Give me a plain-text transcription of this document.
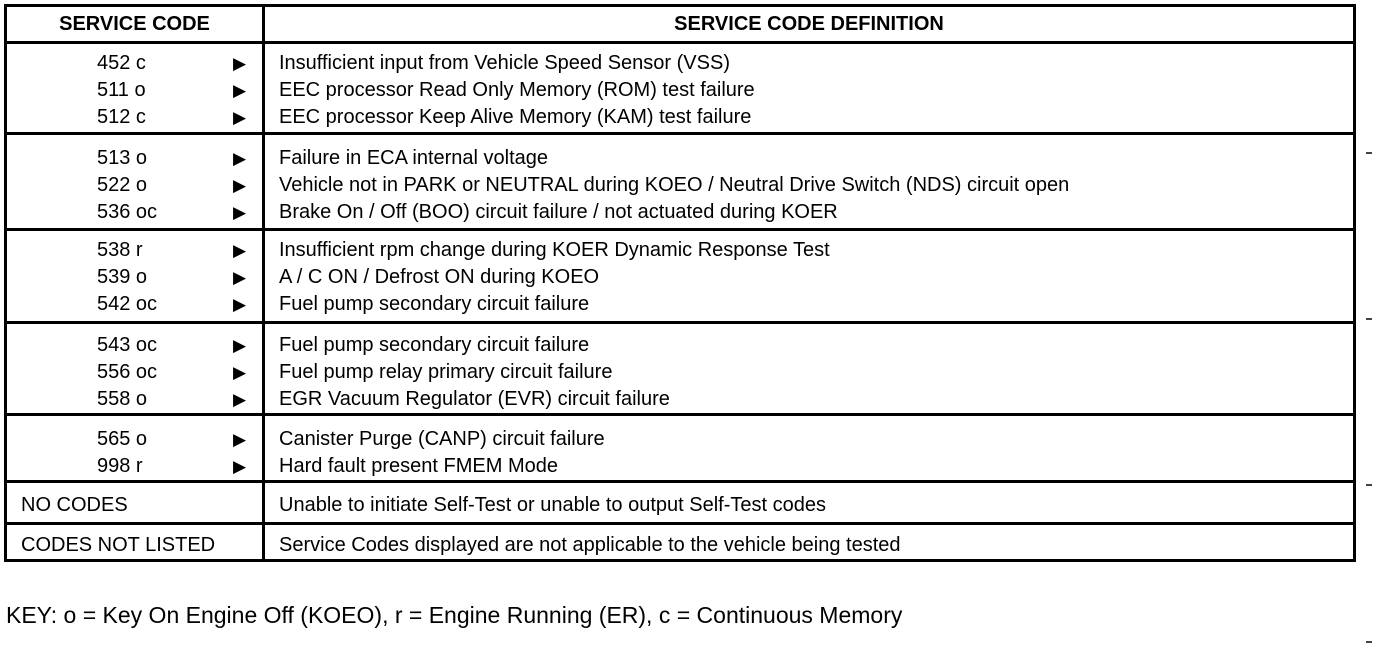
SERVICE CODE	SERVICE CODE DEFINITION
452 c	▶	Insufficient input from Vehicle Speed Sensor (VSS)
511 o	▶	EEC processor Read Only Memory (ROM) test failure
512 c	▶	EEC processor Keep Alive Memory (KAM) test failure
513 o	▶	Failure in ECA internal voltage
522 o	▶	Vehicle not in PARK or NEUTRAL during KOEO / Neutral Drive Switch (NDS) circuit open
536 oc	▶	Brake On / Off (BOO) circuit failure / not actuated during KOER
538 r	▶	Insufficient rpm change during KOER Dynamic Response Test
539 o	▶	A / C ON / Defrost ON during KOEO
542 oc	▶	Fuel pump secondary circuit failure
543 oc	▶	Fuel pump secondary circuit failure
556 oc	▶	Fuel pump relay primary circuit failure
558 o	▶	EGR Vacuum Regulator (EVR) circuit failure
565 o	▶	Canister Purge (CANP) circuit failure
998 r	▶	Hard fault present FMEM Mode
NO CODES	Unable to initiate Self-Test or unable to output Self-Test codes
CODES NOT LISTED	Service Codes displayed are not applicable to the vehicle being tested
KEY: o = Key On Engine Off (KOEO), r = Engine Running (ER), c = Continuous Memory
